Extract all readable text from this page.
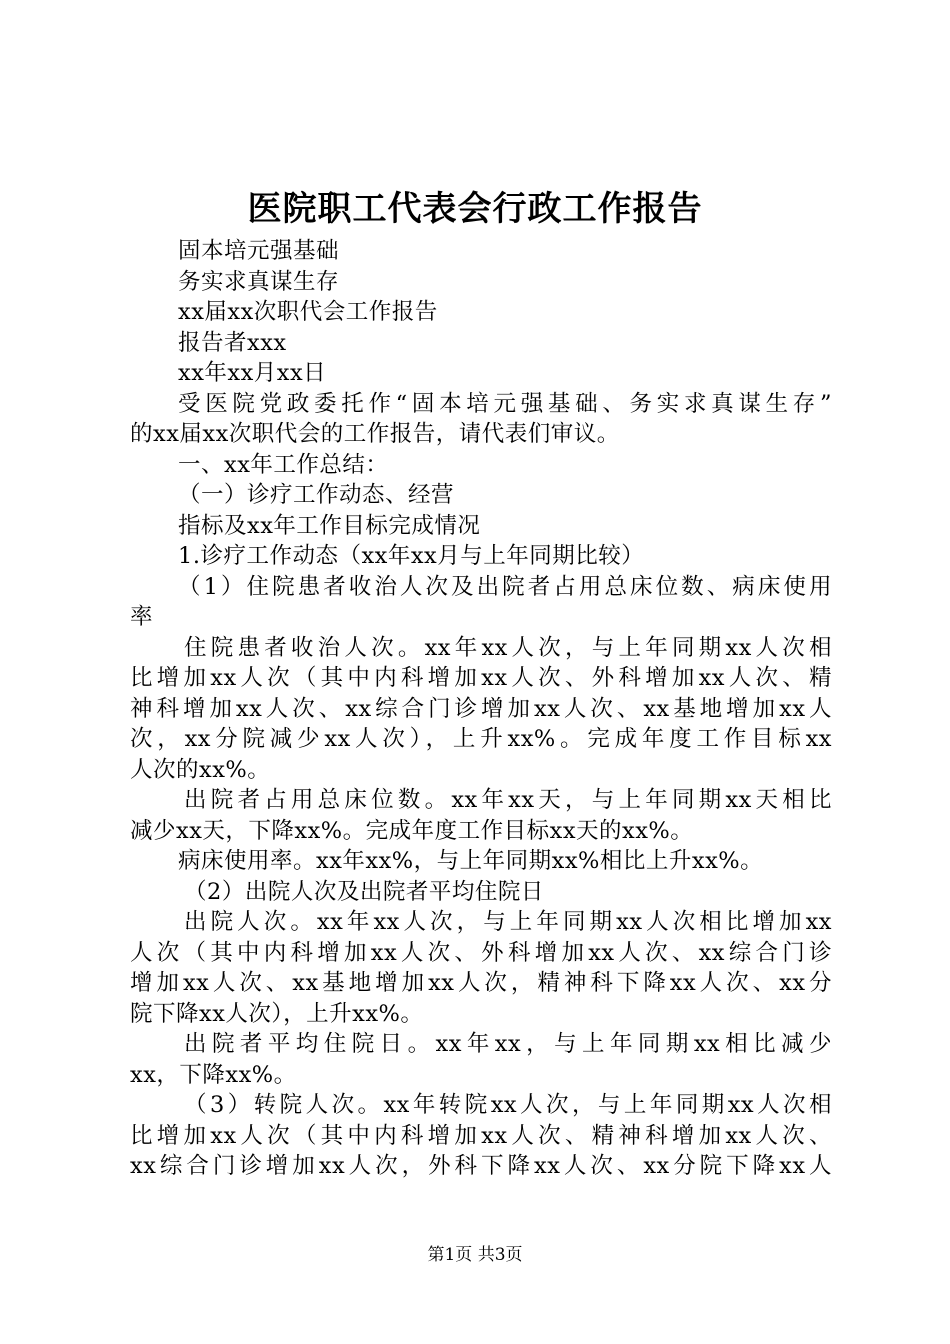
医院职工代表会行政工作报告

固本培元强基础

务实求真谋生存

xx届xx次职代会工作报告

报告者xxx

xx年xx月xx日

受医院党政委托作“固本培元强基础、务实求真谋生存”

的xx届xx次职代会的工作报告，请代表们审议。

一、xx年工作总结：

（一）诊疗工作动态、经营

指标及xx年工作目标完成情况

1.诊疗工作动态（xx年xx月与上年同期比较）

（1）住院患者收治人次及出院者占用总床位数、病床使用

率

住院患者收治人次。xx年xx人次，与上年同期xx人次相

比增加xx人次（其中内科增加xx人次、外科增加xx人次、精

神科增加xx人次、xx综合门诊增加xx人次、xx基地增加xx人

次，xx分院减少xx人次），上升xx%。完成年度工作目标xx

人次的xx%。

出院者占用总床位数。xx年xx天，与上年同期xx天相比

减少xx天，下降xx%。完成年度工作目标xx天的xx%。

病床使用率。xx年xx%，与上年同期xx%相比上升xx%。

（2）出院人次及出院者平均住院日

出院人次。xx年xx人次，与上年同期xx人次相比增加xx

人次（其中内科增加xx人次、外科增加xx人次、xx综合门诊

增加xx人次、xx基地增加xx人次，精神科下降xx人次、xx分

院下降xx人次），上升xx%。

出院者平均住院日。xx年xx，与上年同期xx相比减少

xx，下降xx%。

（3）转院人次。xx年转院xx人次，与上年同期xx人次相

比增加xx人次（其中内科增加xx人次、精神科增加xx人次、

xx综合门诊增加xx人次，外科下降xx人次、xx分院下降xx人

第1页 共3页
